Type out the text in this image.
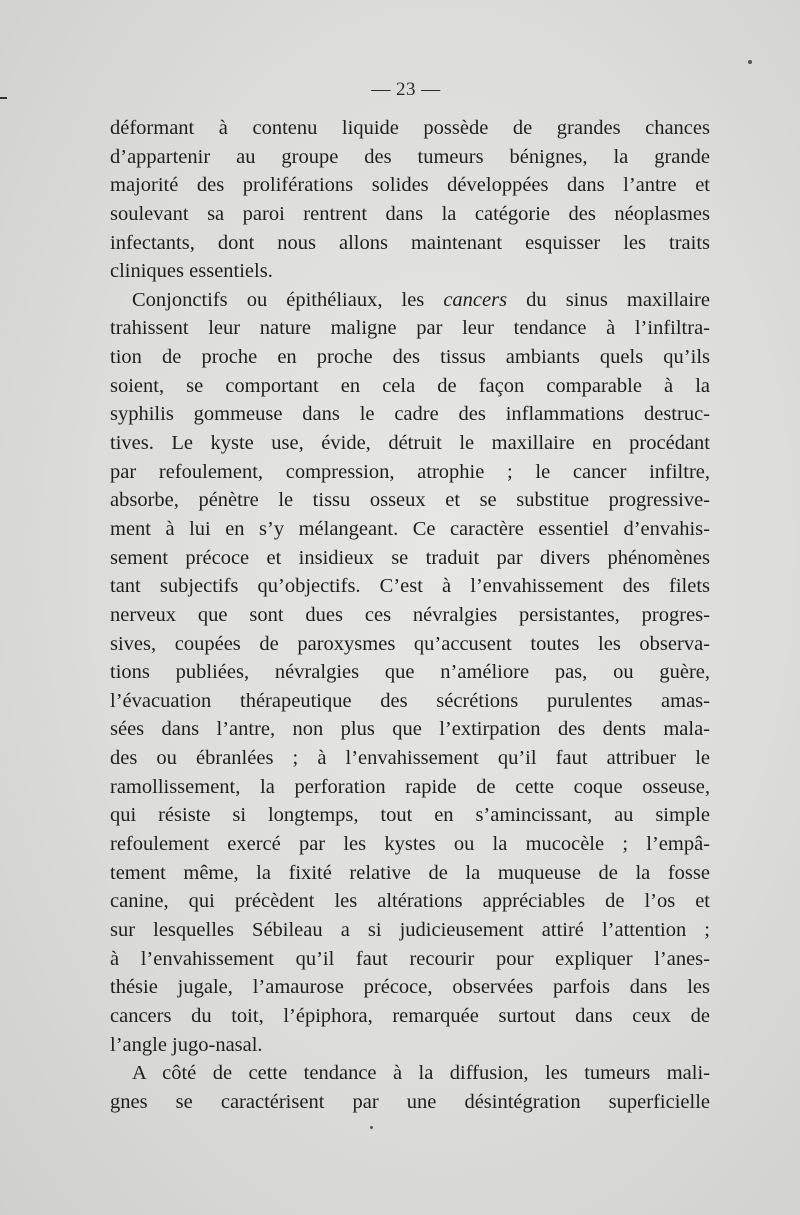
— 23 —
déformant à contenu liquide possède de grandes chances
d’appartenir au groupe des tumeurs bénignes, la grande
majorité des proliférations solides développées dans l’antre et
soulevant sa paroi rentrent dans la catégorie des néoplasmes
infectants, dont nous allons maintenant esquisser les traits
cliniques essentiels.
Conjonctifs ou épithéliaux, les cancers du sinus maxillaire
trahissent leur nature maligne par leur tendance à l’infiltra-
tion de proche en proche des tissus ambiants quels qu’ils
soient, se comportant en cela de façon comparable à la
syphilis gommeuse dans le cadre des inflammations destruc-
tives. Le kyste use, évide, détruit le maxillaire en procédant
par refoulement, compression, atrophie ; le cancer infiltre,
absorbe, pénètre le tissu osseux et se substitue progressive-
ment à lui en s’y mélangeant. Ce caractère essentiel d’envahis-
sement précoce et insidieux se traduit par divers phénomènes
tant subjectifs qu’objectifs. C’est à l’envahissement des filets
nerveux que sont dues ces névralgies persistantes, progres-
sives, coupées de paroxysmes qu’accusent toutes les observa-
tions publiées, névralgies que n’améliore pas, ou guère,
l’évacuation thérapeutique des sécrétions purulentes amas-
sées dans l’antre, non plus que l’extirpation des dents mala-
des ou ébranlées ; à l’envahissement qu’il faut attribuer le
ramollissement, la perforation rapide de cette coque osseuse,
qui résiste si longtemps, tout en s’amincissant, au simple
refoulement exercé par les kystes ou la mucocèle ; l’empâ-
tement même, la fixité relative de la muqueuse de la fosse
canine, qui précèdent les altérations appréciables de l’os et
sur lesquelles Sébileau a si judicieusement attiré l’attention ;
à l’envahissement qu’il faut recourir pour expliquer l’anes-
thésie jugale, l’amaurose précoce, observées parfois dans les
cancers du toit, l’épiphora, remarquée surtout dans ceux de
l’angle jugo-nasal.
A côté de cette tendance à la diffusion, les tumeurs mali-
gnes se caractérisent par une désintégration superficielle
